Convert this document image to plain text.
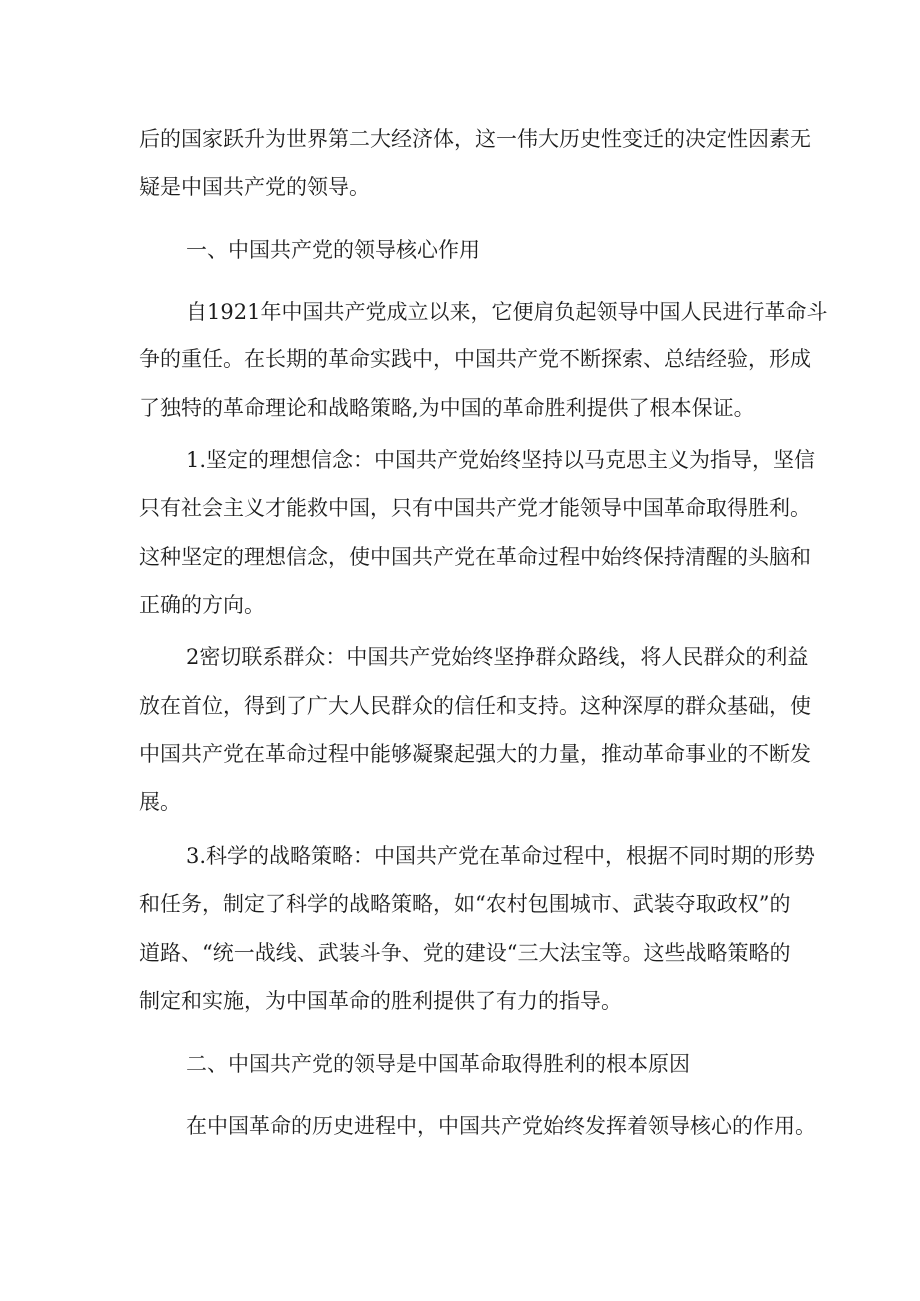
后的国家跃升为世界第二大经济体，这一伟大历史性变迁的决定性因素无

疑是中国共产党的领导。

一、中国共产党的领导核心作用

自1921年中国共产党成立以来，它便肩负起领导中国人民进行革命斗

争的重任。在长期的革命实践中，中国共产党不断探索、总结经验，形成

了独特的革命理论和战略策略,为中国的革命胜利提供了根本保证。

1.坚定的理想信念：中国共产党始终坚持以马克思主义为指导，坚信

只有社会主义才能救中国，只有中国共产党才能领导中国革命取得胜利。

这种坚定的理想信念，使中国共产党在革命过程中始终保持清醒的头脑和

正确的方向。

2密切联系群众：中国共产党始终坚挣群众路线，将人民群众的利益

放在首位，得到了广大人民群众的信任和支持。这种深厚的群众基础，使

中国共产党在革命过程中能够凝聚起强大的力量，推动革命事业的不断发

展。

3.科学的战略策略：中国共产党在革命过程中，根据不同时期的形势

和任务，制定了科学的战略策略，如“农村包围城市、武装夺取政权”的

道路、“统一战线、武装斗争、党的建设“三大法宝等。这些战略策略的

制定和实施，为中国革命的胜利提供了有力的指导。

二、中国共产党的领导是中国革命取得胜利的根本原因

在中国革命的历史进程中，中国共产党始终发挥着领导核心的作用。
